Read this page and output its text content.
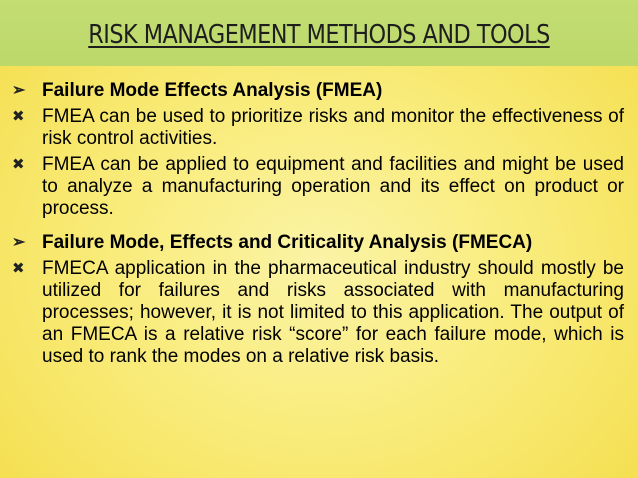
RISK MANAGEMENT METHODS AND TOOLS
➢ Failure Mode Effects Analysis (FMEA)
✖ FMEA can be used to prioritize risks and monitor the effectiveness of risk control activities.
✖ FMEA can be applied to equipment and facilities and might be used to analyze a manufacturing operation and its effect on product or process.
➢ Failure Mode, Effects and Criticality Analysis (FMECA)
✖ FMECA application in the pharmaceutical industry should mostly be utilized for failures and risks associated with manufacturing processes; however, it is not limited to this application. The output of an FMECA is a relative risk “score” for each failure mode, which is used to rank the modes on a relative risk basis.
